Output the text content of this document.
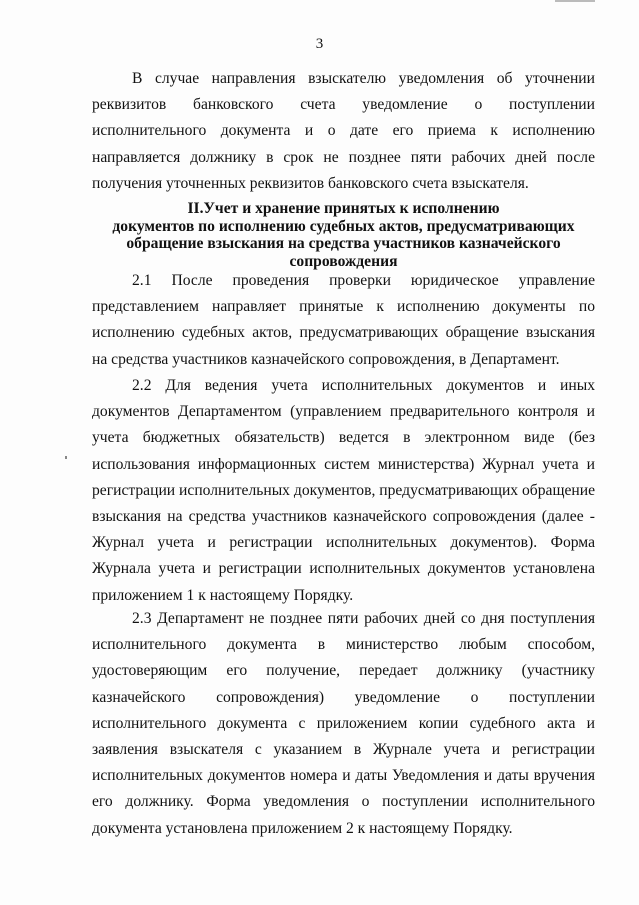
3

В случае направления взыскателю уведомления об уточнении реквизитов банковского счета уведомление о поступлении исполнительного документа и о дате его приема к исполнению направляется должнику в срок не позднее пяти рабочих дней после получения уточненных реквизитов банковского счета взыскателя.

II.Учет и хранение принятых к исполнению
документов по исполнению судебных актов, предусматривающих
обращение взыскания на средства участников казначейского
сопровождения

2.1 После проведения проверки юридическое управление представлением направляет принятые к исполнению документы по исполнению судебных актов, предусматривающих обращение взыскания на средства участников казначейского сопровождения, в Департамент.

2.2 Для ведения учета исполнительных документов и иных документов Департаментом (управлением предварительного контроля и учета бюджетных обязательств) ведется в электронном виде (без использования информационных систем министерства) Журнал учета и регистрации исполнительных документов, предусматривающих обращение взыскания на средства участников казначейского сопровождения (далее - Журнал учета и регистрации исполнительных документов). Форма Журнала учета и регистрации исполнительных документов установлена приложением 1 к настоящему Порядку.

2.3 Департамент не позднее пяти рабочих дней со дня поступления исполнительного документа в министерство любым способом, удостоверяющим его получение, передает должнику (участнику казначейского сопровождения) уведомление о поступлении исполнительного документа с приложением копии судебного акта и заявления взыскателя с указанием в Журнале учета и регистрации исполнительных документов номера и даты Уведомления и даты вручения его должнику. Форма уведомления о поступлении исполнительного документа установлена приложением 2 к настоящему Порядку.
